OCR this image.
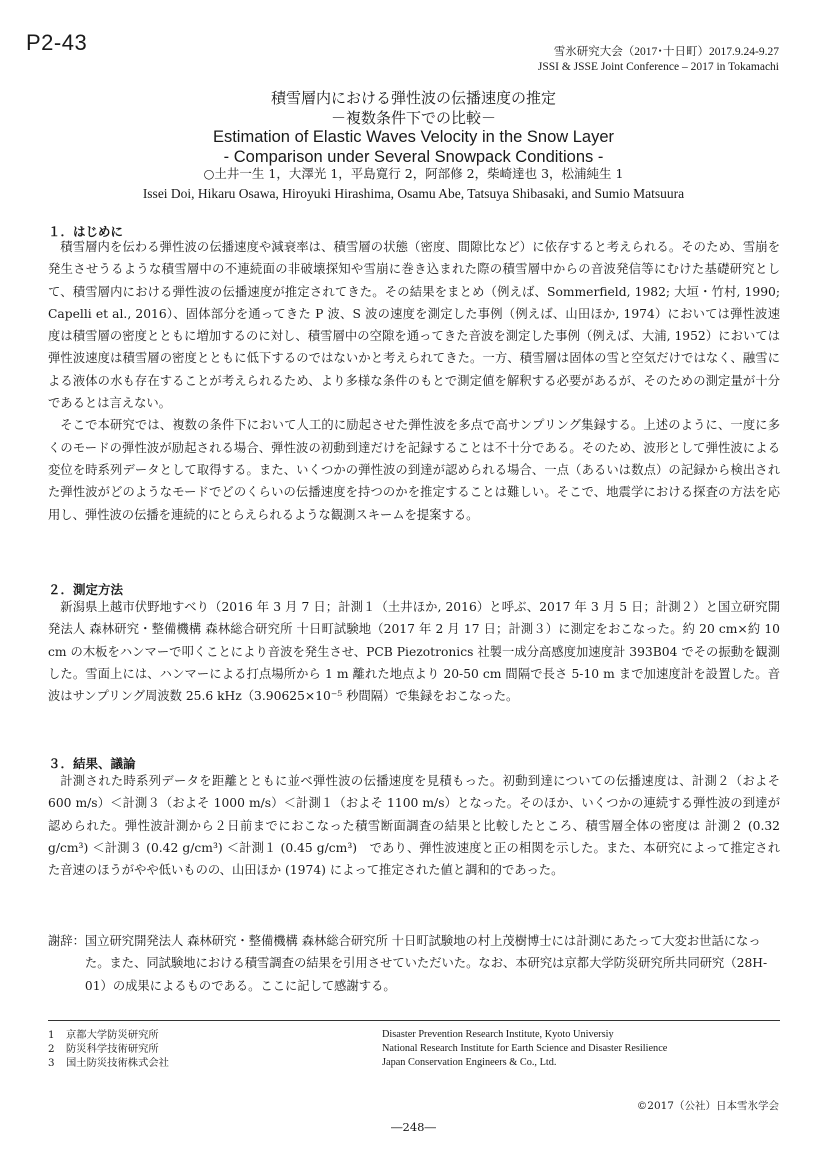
P2-43	雪氷研究大会（2017･十日町）2017.9.24-9.27
JSSI & JSSE Joint Conference – 2017 in Tokamachi
積雪層内における弾性波の伝播速度の推定
－複数条件下での比較－
Estimation of Elastic Waves Velocity in the Snow Layer
- Comparison under Several Snowpack Conditions -
○土井一生 1，大澤光 1，平島寛行 2，阿部修 2，柴崎達也 3，松浦純生 1
Issei Doi, Hikaru Osawa, Hiroyuki Hirashima, Osamu Abe, Tatsuya Shibasaki, and Sumio Matsuura
１．はじめに

積雪層内を伝わる弾性波の伝播速度や減衰率は、積雪層の状態（密度、間隙比など）に依存すると考えられる。そのため、雪崩を発生させうるような積雪層中の不連続面の非破壊探知や雪崩に巻き込まれた際の積雪層中からの音波発信等にむけた基礎研究として、積雪層内における弾性波の伝播速度が推定されてきた。その結果をまとめ（例えば、Sommerfield, 1982; 大垣・竹村, 1990; Capelli et al., 2016）、固体部分を通ってきた P 波、S 波の速度を測定した事例（例えば、山田ほか, 1974）においては弾性波速度は積雪層の密度とともに増加するのに対し、積雪層中の空隙を通ってきた音波を測定した事例（例えば、大浦, 1952）においては弾性波速度は積雪層の密度とともに低下するのではないかと考えられてきた。一方、積雪層は固体の雪と空気だけではなく、融雪による液体の水も存在することが考えられるため、より多様な条件のもとで測定値を解釈する必要があるが、そのための測定量が十分であるとは言えない。

そこで本研究では、複数の条件下において人工的に励起させた弾性波を多点で高サンプリング集録する。上述のように、一度に多くのモードの弾性波が励起される場合、弾性波の初動到達だけを記録することは不十分である。そのため、波形として弾性波による変位を時系列データとして取得する。また、いくつかの弾性波の到達が認められる場合、一点（あるいは数点）の記録から検出された弾性波がどのようなモードでどのくらいの伝播速度を持つのかを推定することは難しい。そこで、地震学における探査の方法を応用し、弾性波の伝播を連続的にとらえられるような観測スキームを提案する。

２．測定方法

新潟県上越市伏野地すべり（2016 年 3 月 7 日；計測１（土井ほか, 2016）と呼ぶ、2017 年 3 月 5 日；計測２）と国立研究開発法人 森林研究・整備機構 森林総合研究所 十日町試験地（2017 年 2 月 17 日；計測３）に測定をおこなった。約 20 cm×約 10 cm の木板をハンマーで叩くことにより音波を発生させ、PCB Piezotronics 社製一成分高感度加速度計 393B04 でその振動を観測した。雪面上には、ハンマーによる打点場所から 1 m 離れた地点より 20-50 cm 間隔で長さ 5-10 m まで加速度計を設置した。音波はサンプリング周波数 25.6 kHz（3.90625×10⁻⁵ 秒間隔）で集録をおこなった。

３．結果、議論

計測された時系列データを距離とともに並べ弾性波の伝播速度を見積もった。初動到達についての伝播速度は、計測２（およそ 600 m/s）＜計測３（およそ 1000 m/s）＜計測１（およそ 1100 m/s）となった。そのほか、いくつかの連続する弾性波の到達が認められた。弾性波計測から２日前までにおこなった積雪断面調査の結果と比較したところ、積雪層全体の密度は 計測２ (0.32 g/cm³) ＜計測３ (0.42 g/cm³) ＜計測１ (0.45 g/cm³)　であり、弾性波速度と正の相関を示した。また、本研究によって推定された音速のほうがやや低いものの、山田ほか (1974) によって推定された値と調和的であった。

謝辞：国立研究開発法人 森林研究・整備機構 森林総合研究所 十日町試験地の村上茂樹博士には計測にあたって大変お世話になった。また、同試験地における積雪調査の結果を引用させていただいた。なお、本研究は京都大学防災研究所共同研究（28H-01）の成果によるものである。ここに記して感謝する。
1 京都大学防災研究所
2 防災科学技術研究所
3 国土防災技術株式会社
Disaster Prevention Research Institute, Kyoto Universiy
National Research Institute for Earth Science and Disaster Resilience
Japan Conservation Engineers & Co., Ltd.
©2017（公社）日本雪氷学会
―248―
